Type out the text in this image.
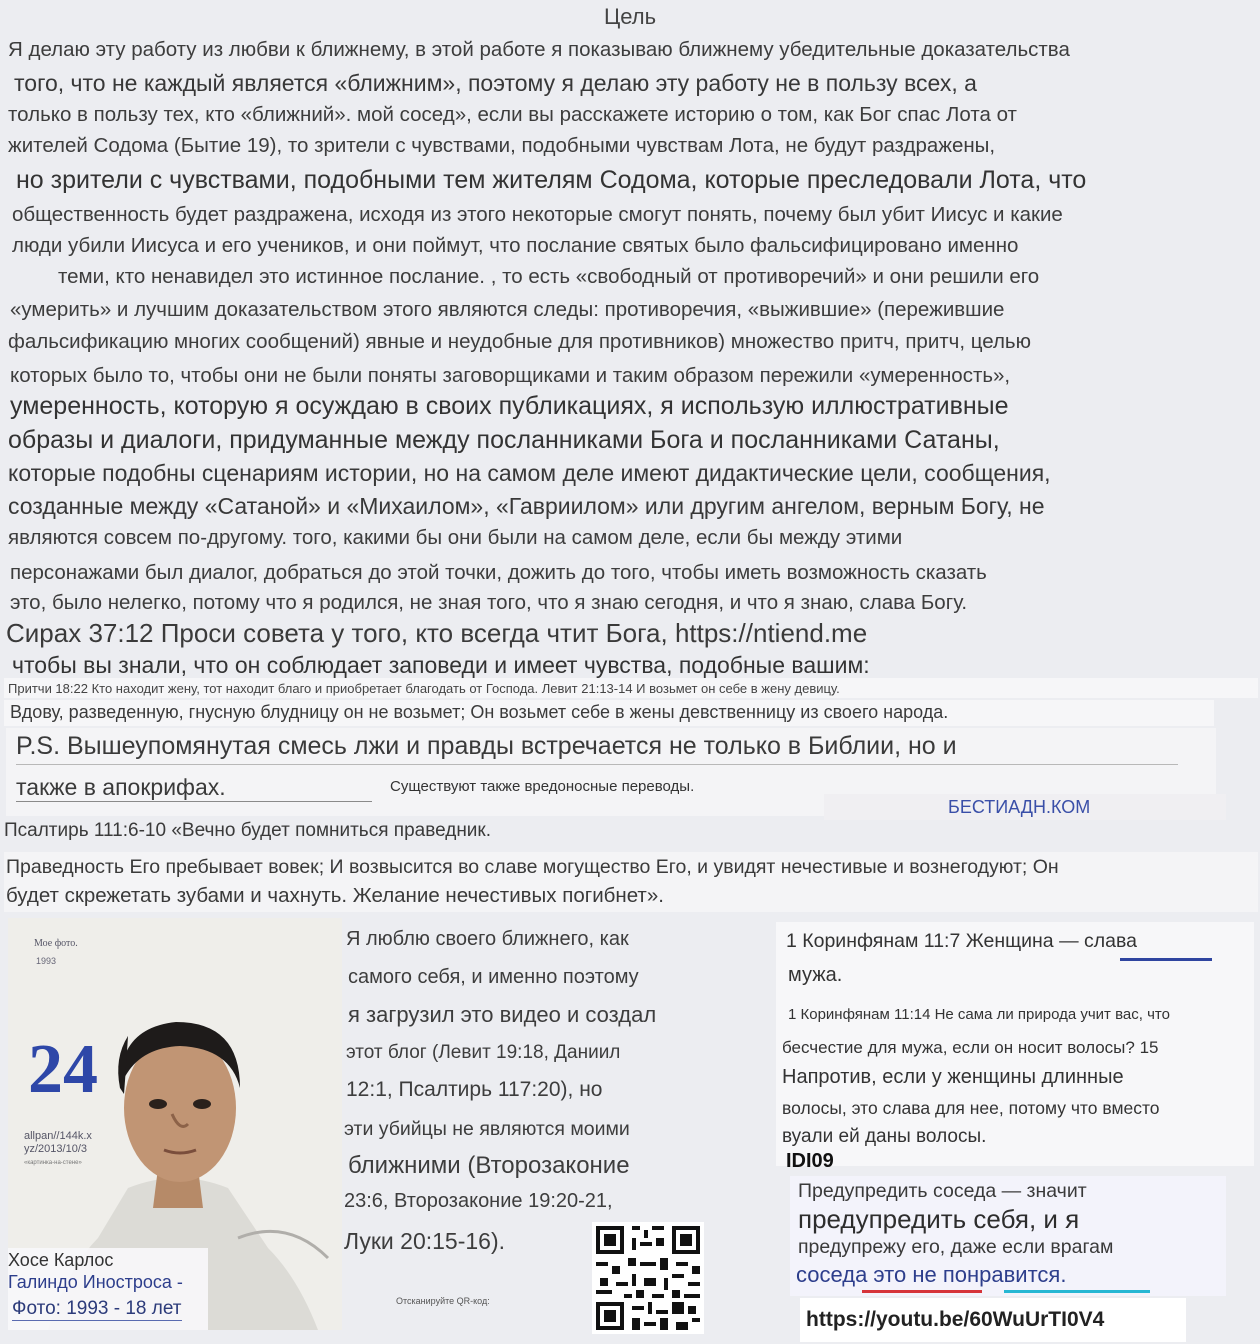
Цель
Я делаю эту работу из любви к ближнему, в этой работе я показываю ближнему убедительные доказательства
того, что не каждый является «ближним», поэтому я делаю эту работу не в пользу всех, а
только в пользу тех, кто «ближний». мой сосед», если вы расскажете историю о том, как Бог спас Лота от
жителей Содома (Бытие 19), то зрители с чувствами, подобными чувствам Лота, не будут раздражены,
но зрители с чувствами, подобными тем жителям Содома, которые преследовали Лота, что
общественность будет раздражена, исходя из этого некоторые смогут понять, почему был убит Иисус и какие
люди убили Иисуса и его учеников, и они поймут, что послание святых было фальсифицировано именно
теми, кто ненавидел это истинное послание. , то есть «свободный от противоречий» и они решили его
«умерить» и лучшим доказательством этого являются следы: противоречия, «выжившие» (пережившие
фальсификацию многих сообщений) явные и неудобные для противников) множество притч, притч, целью
которых было то, чтобы они не были поняты заговорщиками и таким образом пережили «умеренность»,
умеренность, которую я осуждаю в своих публикациях, я использую иллюстративные
образы и диалоги, придуманные между посланниками Бога и посланниками Сатаны,
которые подобны сценариям истории, но на самом деле имеют дидактические цели, сообщения,
созданные между «Сатаной» и «Михаилом», «Гавриилом» или другим ангелом, верным Богу, не
являются совсем по-другому. того, какими бы они были на самом деле, если бы между этими
персонажами был диалог, добраться до этой точки, дожить до того, чтобы иметь возможность сказать
это, было нелегко, потому что я родился, не зная того, что я знаю сегодня, и что я знаю, слава Богу.
Сирах 37:12 Проси совета у того, кто всегда чтит Бога, https://ntiend.me
чтобы вы знали, что он соблюдает заповеди и имеет чувства, подобные вашим:
Притчи 18:22 Кто находит жену, тот находит благо и приобретает благодать от Господа. Левит 21:13-14 И возьмет он себе в жену девицу.
Вдову, разведенную, гнусную блудницу он не возьмет; Он возьмет себе в жены девственницу из своего народа.
P.S. Вышеупомянутая смесь лжи и правды встречается не только в Библии, но и
также в апокрифах.	Существуют также вредоносные переводы.
БЕСТИАДН.КОМ
Псалтирь 111:6-10 «Вечно будет помниться праведник.
Праведность Его пребывает вовек; И возвысится во славе могущество Его, и увидят нечестивые и вознегодуют; Он
будет скрежетать зубами и чахнуть. Желание нечестивых погибнет».
Мое фото.
1993
24
allpan//144k.x yz/2013/10/3
«картинка-на-стене»
Хосе Карлос
Галиндо Иностроса -
Фото: 1993 - 18 лет
Я люблю своего ближнего, как
самого себя, и именно поэтому
я загрузил это видео и создал
этот блог (Левит 19:18, Даниил
12:1, Псалтирь 117:20), но
эти убийцы не являются моими
ближними (Второзаконие
23:6, Второзаконие 19:20-21,
Луки 20:15-16).
Отсканируйте QR-код:
1 Коринфянам 11:7 Женщина — слава
мужа.
1 Коринфянам 11:14 Не сама ли природа учит вас, что
бесчестие для мужа, если он носит волосы? 15
Напротив, если у женщины длинные
волосы, это слава для нее, потому что вместо
вуали ей даны волосы.
IDI09
Предупредить соседа — значит
предупредить себя, и я
предупрежу его, даже если врагам
соседа это не понравится.
https://youtu.be/60WuUrTI0V4
